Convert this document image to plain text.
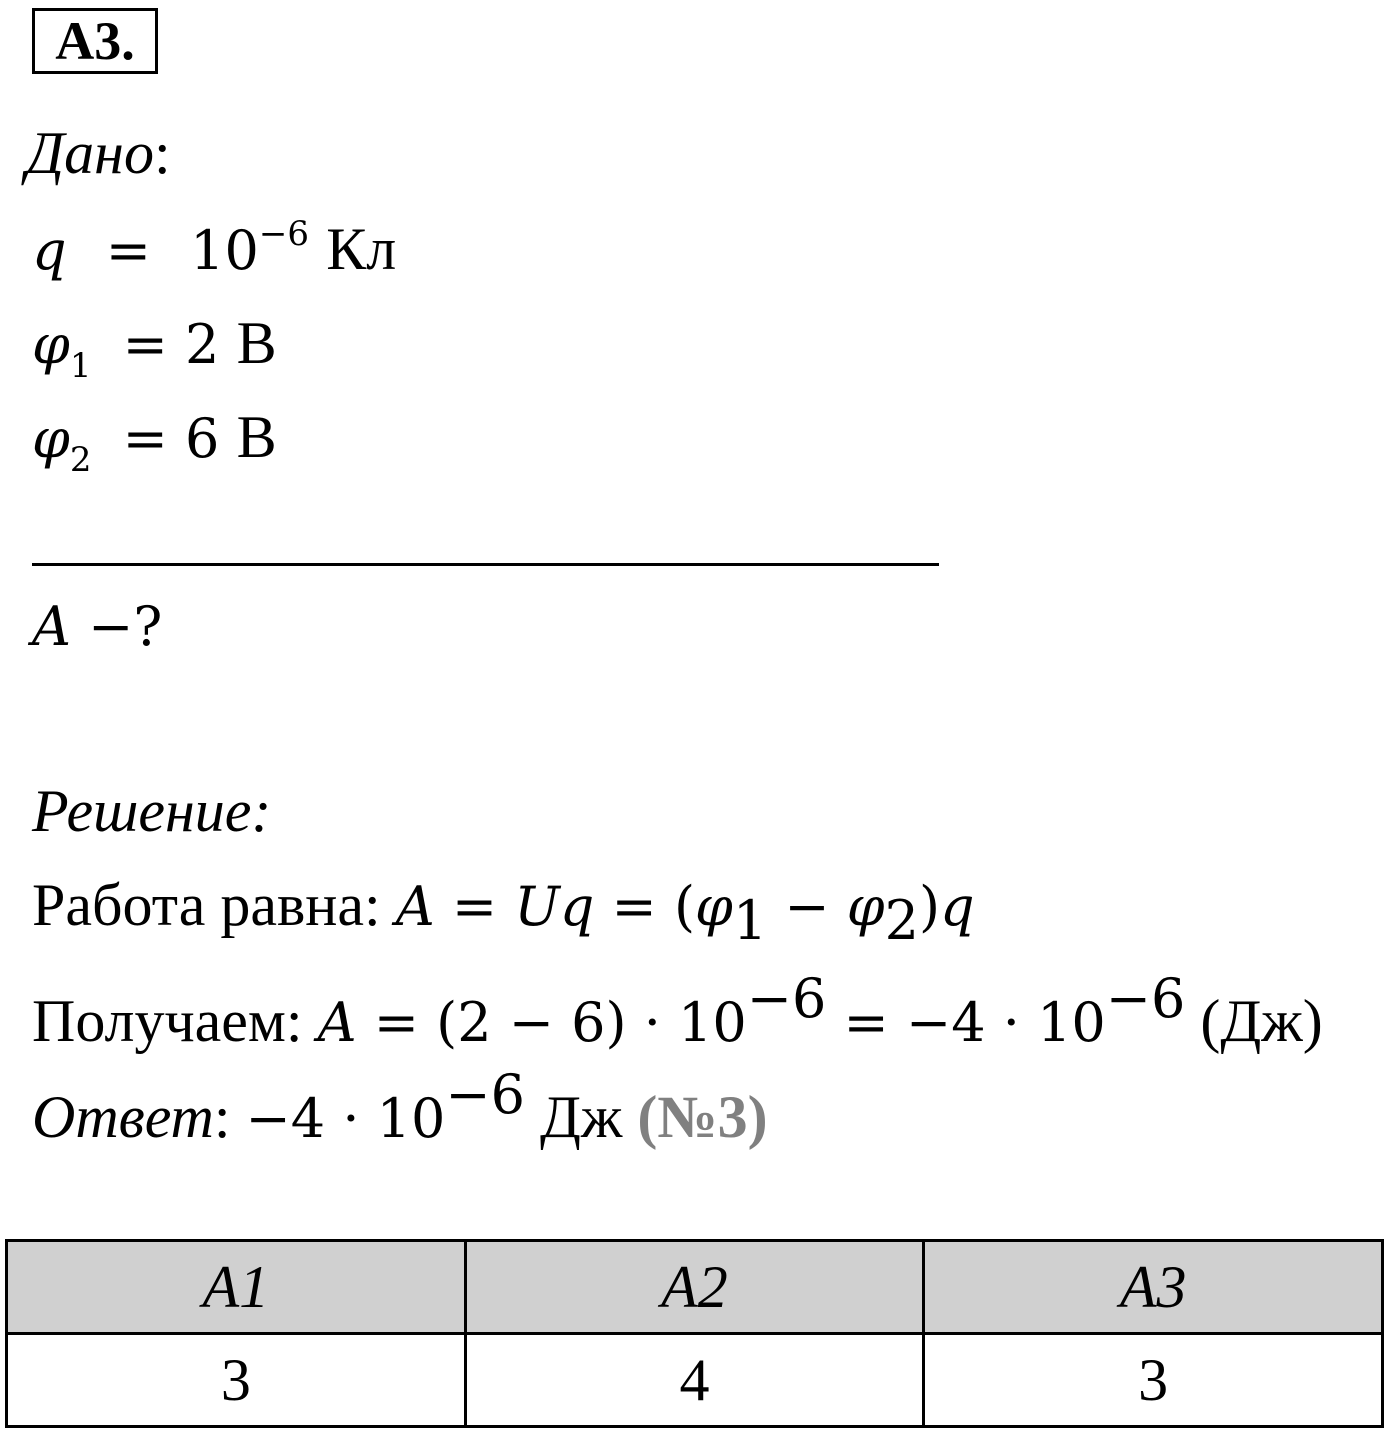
A3.
Дано:
$q = 10^{-6}$ Кл
$\varphi_1 = 2$ В
$\varphi_2 = 6$ В
A −?
Решение:
Работа равна: $A = Uq = (\varphi_1 - \varphi_2)q$
Получаем: $A = (2 - 6) \cdot 10^{-6} = -4 \cdot 10^{-6}$ (Дж)
Ответ: $-4 \cdot 10^{-6}$ Дж (№3)
A1	A2	A3
3	4	3
